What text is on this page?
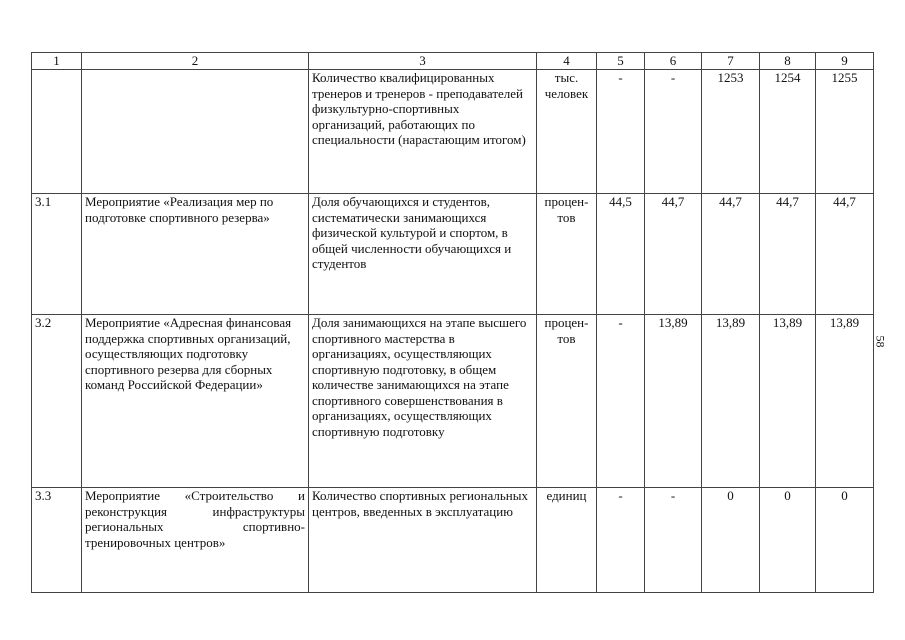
1	2	3	4	5	6	7	8	9
		Количество квалифицированных тренеров и тренеров - преподавателей физкультурно-спортивных организаций, работающих по специальности (нарастающим итогом)	тыс. человек	-	-	1253	1254	1255
3.1	Мероприятие «Реализация мер по подготовке спортивного резерва»	Доля обучающихся и студентов, систематически занимающихся физической культурой и спортом, в общей численности обучающихся и студентов	процен-тов	44,5	44,7	44,7	44,7	44,7
3.2	Мероприятие «Адресная финансовая поддержка спортивных организаций, осуществляющих подготовку спортивного резерва для сборных команд Российской Федерации»	Доля занимающихся на этапе высшего спортивного мастерства в организациях, осуществляющих спортивную подготовку, в общем количестве занимающихся на этапе спортивного совершенствования в организациях, осуществляющих спортивную подготовку	процен-тов	-	13,89	13,89	13,89	13,89
3.3	Мероприятие «Строительство и реконструкция инфраструктуры региональных спортивно-тренировочных центров»	Количество спортивных региональных центров, введенных в эксплуатацию	единиц	-	-	0	0	0
58
